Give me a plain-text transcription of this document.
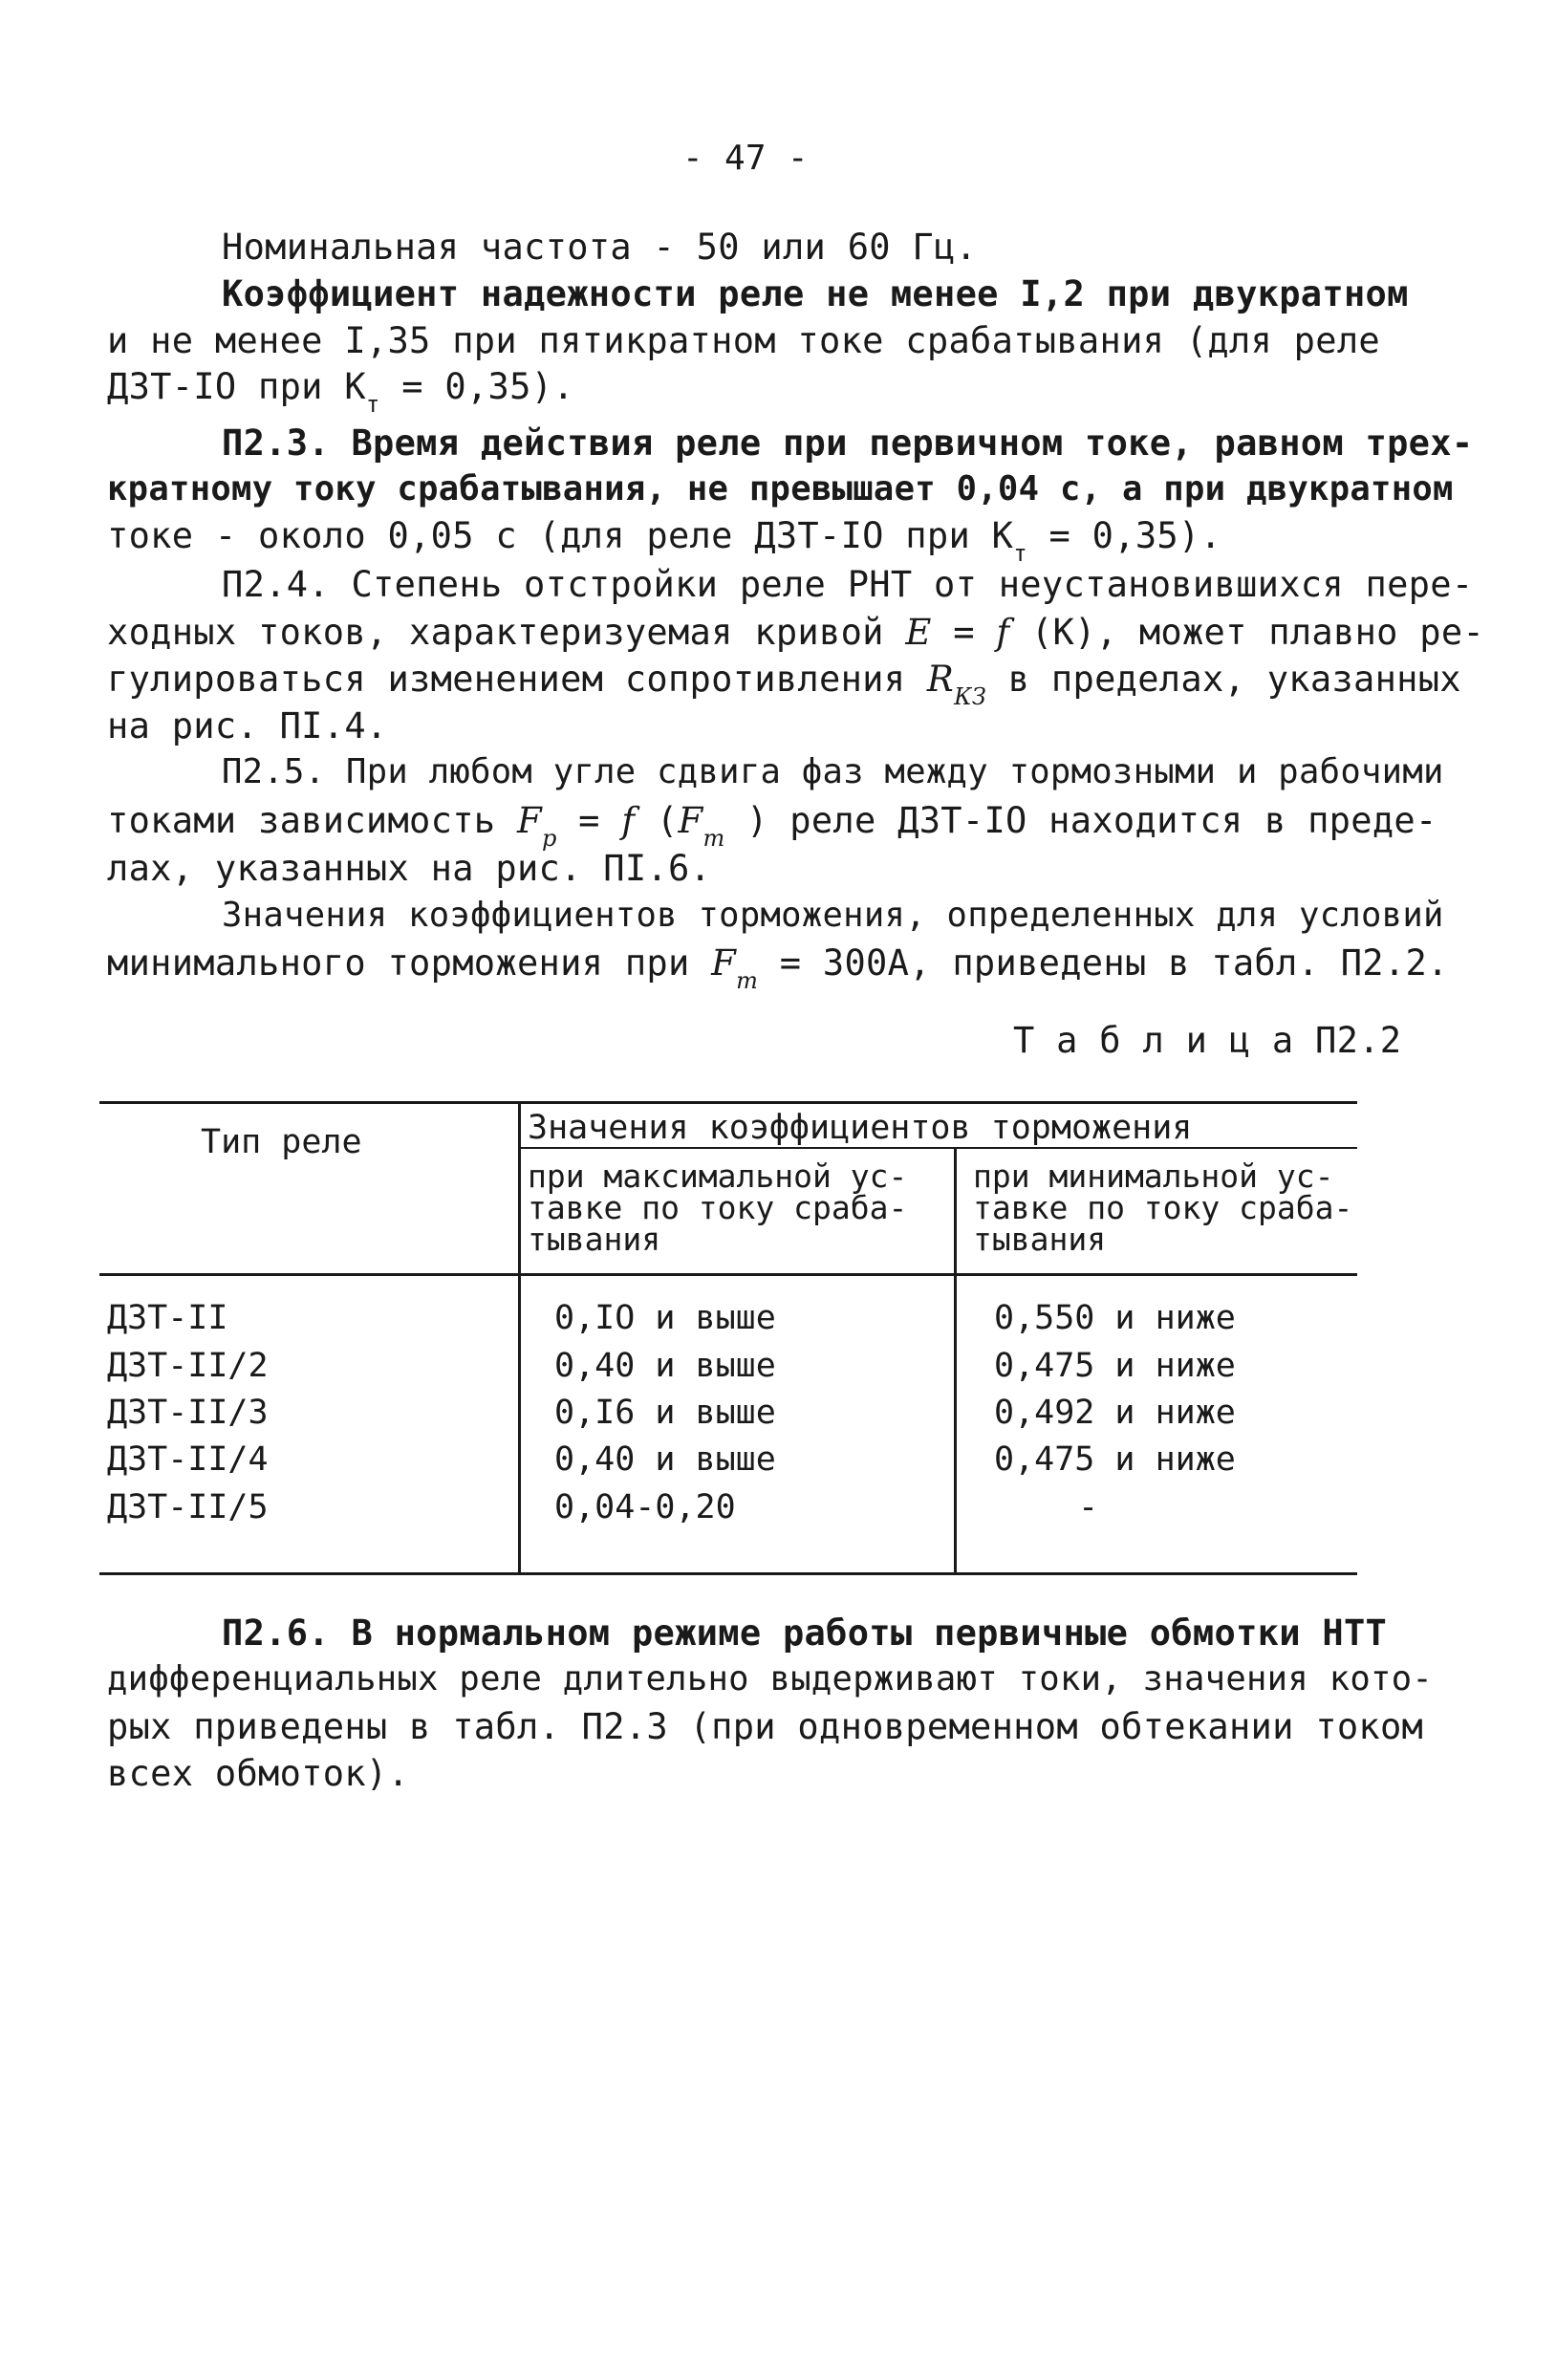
- 47 -
Номинальная частота - 50 или 60 Гц.
Коэффициент надежности реле не менее I,2 при двукратном
и не менее I,35 при пятикратном токе срабатывания (для реле
ДЗТ-IO при $К_т = 0,35$).
П2.3. Время действия реле при первичном токе, равном трех-
кратному току срабатывания, не превышает 0,04 с, а при двукратном
токе - около 0,05 с (для реле ДЗТ-IO при $К_т = 0,35$).
П2.4. Степень отстройки реле РНТ от неустановившихся пере-
ходных токов, характеризуемая кривой E = f (К), может плавно ре-
гулироваться изменением сопротивления $R_{КЗ}$ в пределах, указанных
на рис. ПI.4.
П2.5. При любом угле сдвига фаз между тормозными и рабочими
токами зависимость $F_р = f$ ($F_т$ ) реле ДЗТ-IO находится в преде-
лах, указанных на рис. ПI.6.
Значения коэффициентов торможения, определенных для условий
минимального торможения при $F_т = 300А$, приведены в табл. П2.2.
Т а б л и ц а П2.2
Тип реле	Значения коэффициентов торможения
при максимальной ус-
тавке по току сраба-
тывания
при минимальной ус-
тавке по току сраба-
тывания
ДЗТ-II	0,IO и выше	0,550 и ниже
ДЗТ-II/2	0,40 и выше	0,475 и ниже
ДЗТ-II/3	0,I6 и выше	0,492 и ниже
ДЗТ-II/4	0,40 и выше	0,475 и ниже
ДЗТ-II/5	0,04-0,20	-
П2.6. В нормальном режиме работы первичные обмотки НТТ
дифференциальных реле длительно выдерживают токи, значения кото-
рых приведены в табл. П2.3 (при одновременном обтекании током
всех обмоток).
